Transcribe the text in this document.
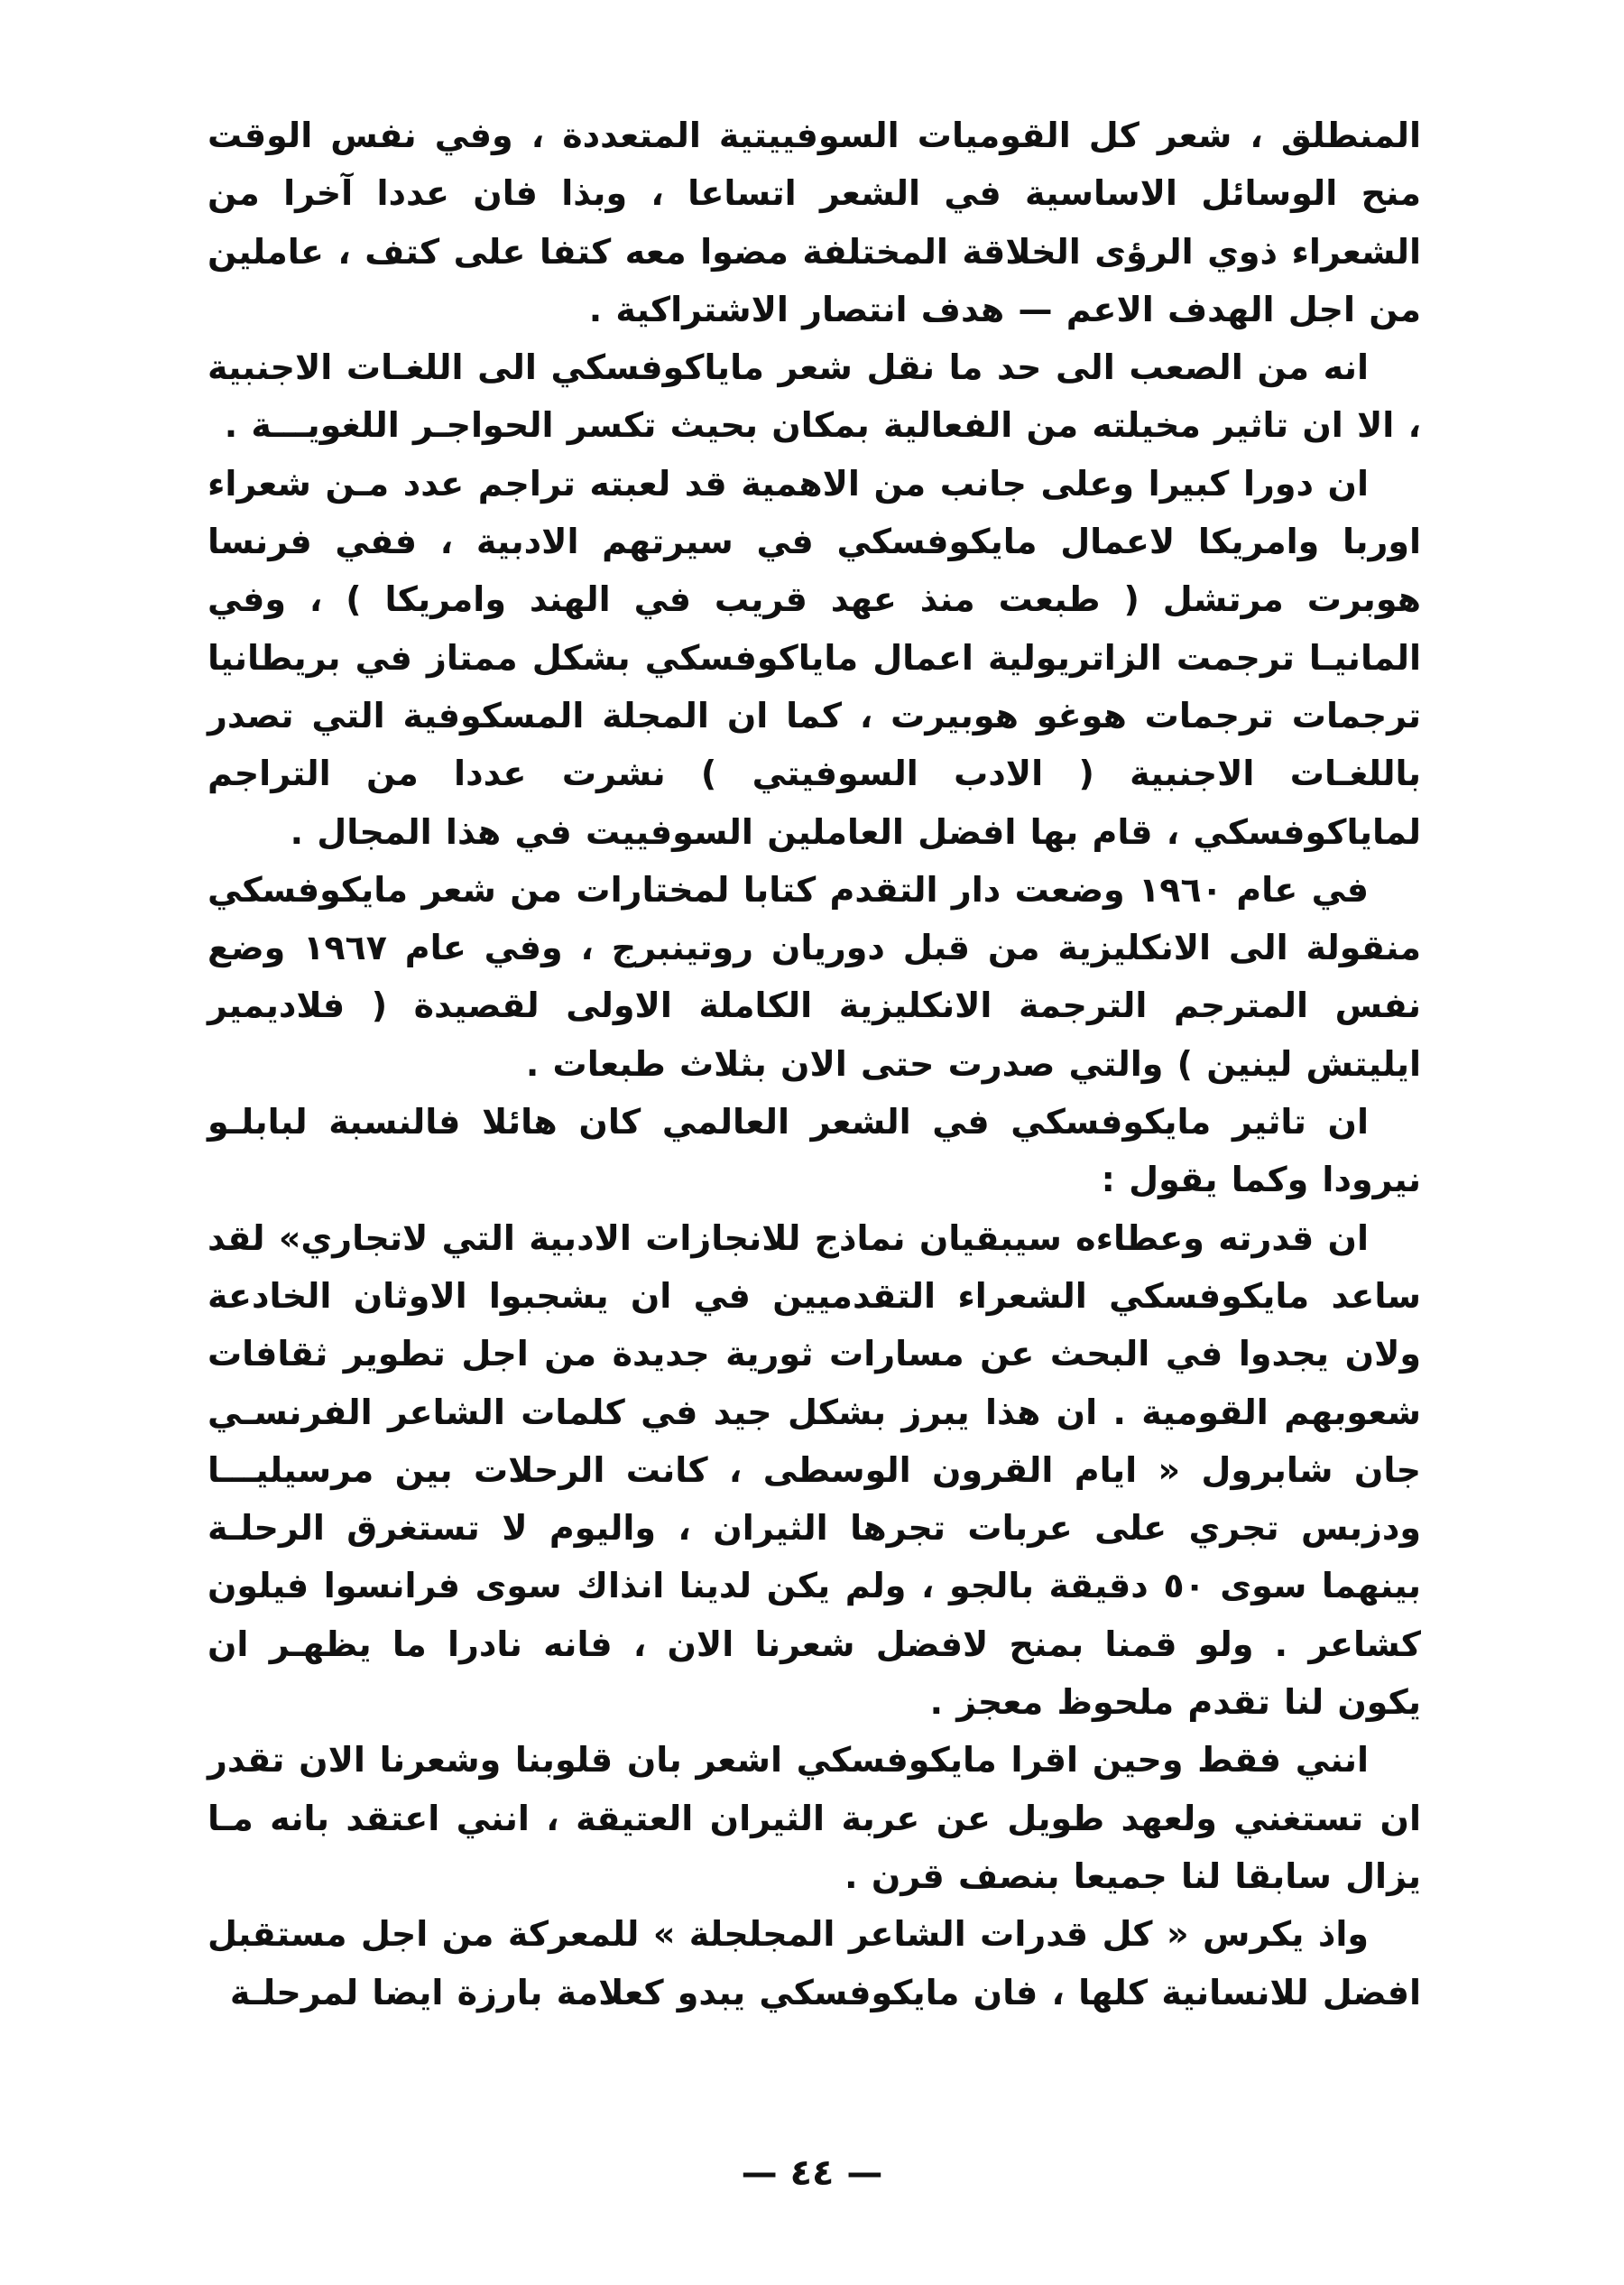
المنطلق ، شعر كل القوميات السوفييتية المتعددة ، وفي نفس الوقت منح الوسائل الاساسية في الشعر اتساعا ، وبذا فان عددا آخرا من الشعراء ذوي الرؤى الخلاقة المختلفة مضوا معه كتفا على كتف ، عاملين من اجل الهدف الاعم — هدف انتصار الاشتراكية .

انه من الصعب الى حد ما نقل شعر ماياكوفسكي الى اللغـات الاجنبية ، الا ان تاثير مخيلته من الفعالية بمكان بحيث تكسر الحواجـر اللغويـــة .

ان دورا كبيرا وعلى جانب من الاهمية قد لعبته تراجم عدد مـن شعراء اوربا وامريكا لاعمال مايكوفسكي في سيرتهم الادبية ، ففي فرنسا هوبرت مرتشل ( طبعت منذ عهد قريب في الهند وامريكا ) ، وفي المانيـا ترجمت الزاتريولية اعمال ماياكوفسكي بشكل ممتاز في بريطانيا ترجمات ترجمات هوغو هوبيرت ، كما ان المجلة المسكوفية التي تصدر باللغـات الاجنبية ( الادب السوفيتي ) نشرت عددا من التراجم لماياكوفسكي ، قام بها افضل العاملين السوفييت في هذا المجال .

في عام ١٩٦٠ وضعت دار التقدم كتابا لمختارات من شعر مايكوفسكي منقولة الى الانكليزية من قبل دوريان روتينبرج ، وفي عام ١٩٦٧ وضع نفس المترجم الترجمة الانكليزية الكاملة الاولى لقصيدة ( فلاديمير ايليتش لينين ) والتي صدرت حتى الان بثلاث طبعات .

ان تاثير مايكوفسكي في الشعر العالمي كان هائلا فالنسبة لبابلـو نيرودا وكما يقول :

ان قدرته وعطاءه سيبقيان نماذج للانجازات الادبية التي لاتجاري» لقد ساعد مايكوفسكي الشعراء التقدميين في ان يشجبوا الاوثان الخادعة ولان يجدوا في البحث عن مسارات ثورية جديدة من اجل تطوير ثقافات شعوبهم القومية . ان هذا يبرز بشكل جيد في كلمات الشاعر الفرنسـي جان شابرول « ايام القرون الوسطى ، كانت الرحلات بين مرسيليـــا ودزبس تجري على عربات تجرها الثيران ، واليوم لا تستغرق الرحلـة بينهما سوى ٥٠ دقيقة بالجو ، ولم يكن لدينا انذاك سوى فرانسوا فيلون كشاعر . ولو قمنا بمنح لافضل شعرنا الان ، فانه نادرا ما يظهـر ان يكون لنا تقدم ملحوظ معجز .

انني فقط وحين اقرا مايكوفسكي اشعر بان قلوبنا وشعرنا الان تقدر ان تستغني ولعهد طويل عن عربة الثيران العتيقة ، انني اعتقد بانه مـا يزال سابقا لنا جميعا بنصف قرن .

واذ يكرس « كل قدرات الشاعر المجلجلة » للمعركة من اجل مستقبل افضل للانسانية كلها ، فان مايكوفسكي يبدو كعلامة بارزة ايضا لمرحلـة

— ٤٤ —
